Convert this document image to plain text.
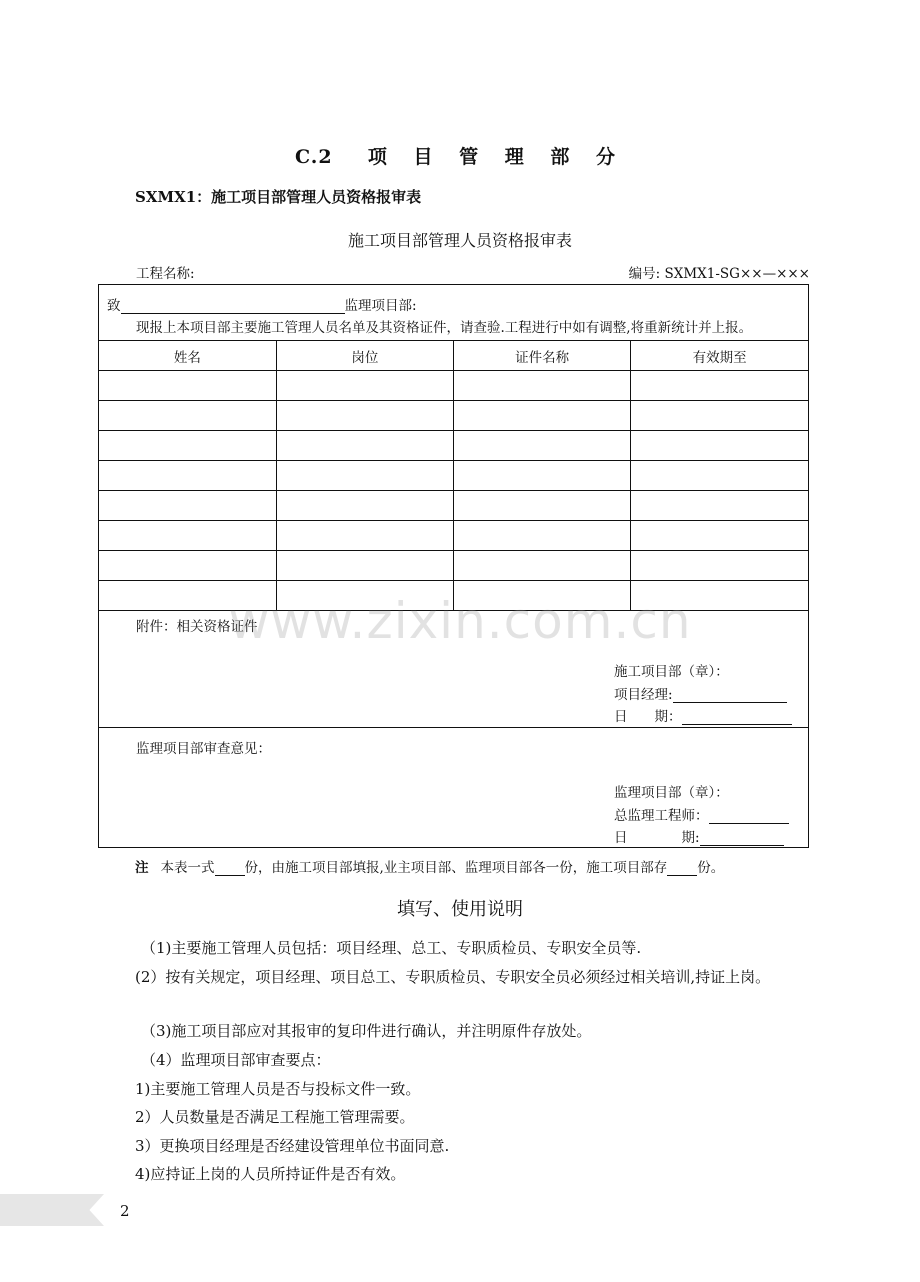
C.2 项 目 管 理 部 分
SXMX1：施工项目部管理人员资格报审表
施工项目部管理人员资格报审表
工程名称:	编号: SXMX1-SG××—×××
致	监理项目部:
现报上本项目部主要施工管理人员名单及其资格证件，请查验.工程进行中如有调整,将重新统计并上报。
姓名	岗位	证件名称	有效期至

附件：相关资格证件
施工项目部（章）：
项目经理:
日　　期：
监理项目部审查意见：
监理项目部（章）：
总监理工程师：
日　　　　期:
www.zixin.com.cn
注 本表一式 份，由施工项目部填报,业主项目部、监理项目部各一份，施工项目部存 份。
填写、使用说明
（1)主要施工管理人员包括：项目经理、总工、专职质检员、专职安全员等.
(2）按有关规定，项目经理、项目总工、专职质检员、专职安全员必须经过相关培训,持证上岗。
（3)施工项目部应对其报审的复印件进行确认，并注明原件存放处。
（4）监理项目部审查要点：
1)主要施工管理人员是否与投标文件一致。
2）人员数量是否满足工程施工管理需要。
3）更换项目经理是否经建设管理单位书面同意.
4)应持证上岗的人员所持证件是否有效。
2
